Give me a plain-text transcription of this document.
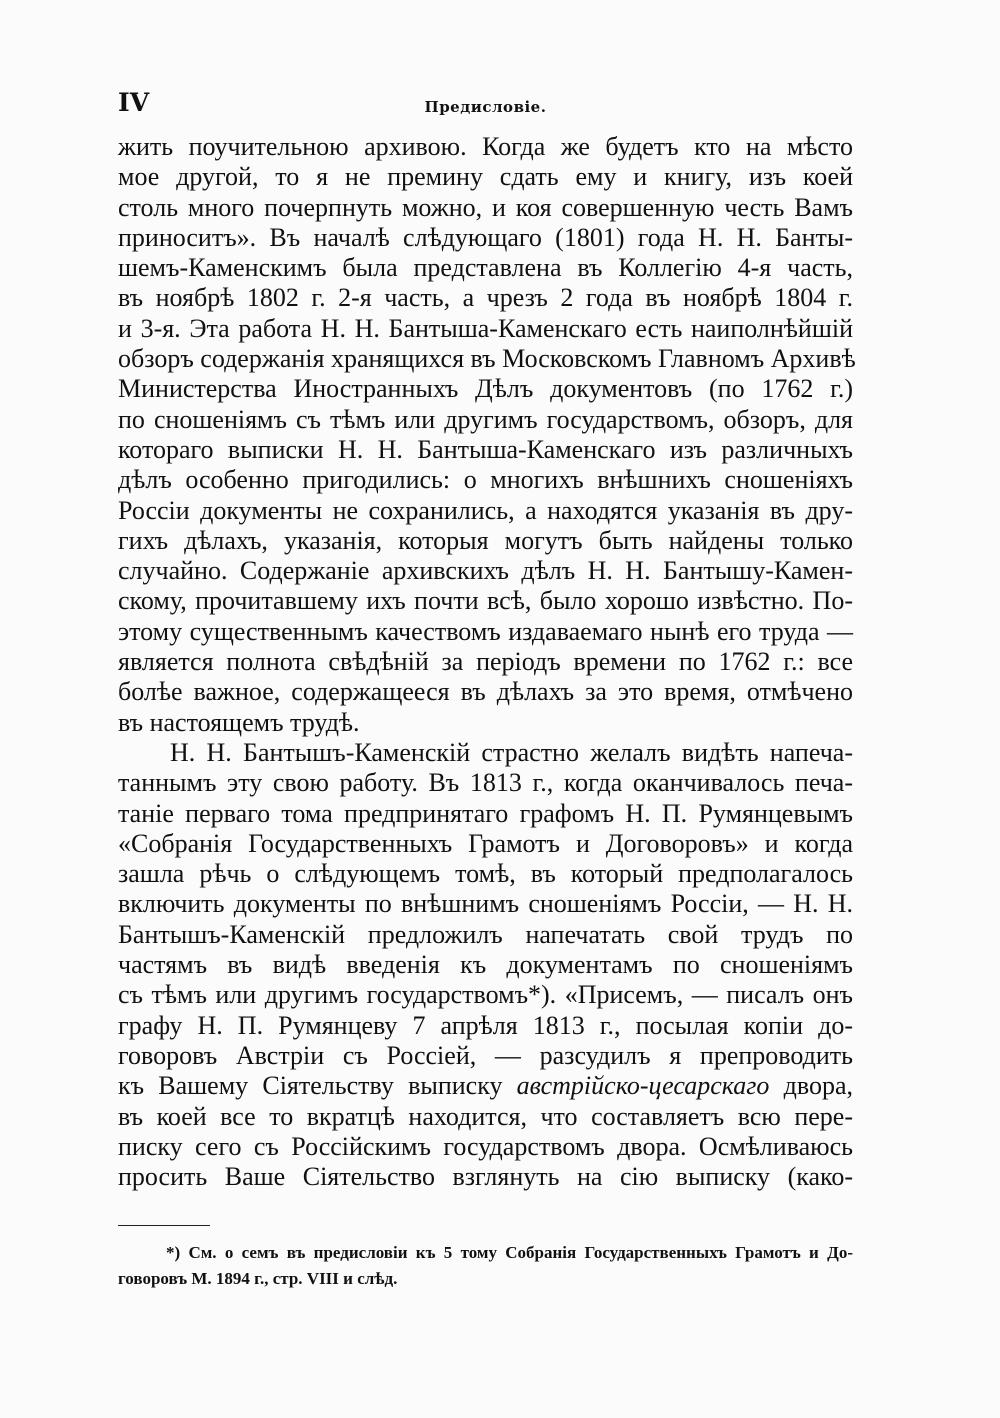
IV	Предисловіе.
жить поучительною архивою. Когда же будетъ кто на мѣсто
мое другой, то я не премину сдать ему и книгу, изъ коей
столь много почерпнуть можно, и коя совершенную честь Вамъ
приноситъ». Въ началѣ слѣдующаго (1801) года Н. Н. Банты-
шемъ-Каменскимъ была представлена въ Коллегію 4-я часть,
въ ноябрѣ 1802 г. 2-я часть, а чрезъ 2 года въ ноябрѣ 1804 г.
и 3-я. Эта работа Н. Н. Бантыша-Каменскаго есть наиполнѣйшій
обзоръ содержанія хранящихся въ Московскомъ Главномъ Архивѣ
Министерства Иностранныхъ Дѣлъ документовъ (по 1762 г.)
по сношеніямъ съ тѣмъ или другимъ государствомъ, обзоръ, для
котораго выписки Н. Н. Бантыша-Каменскаго изъ различныхъ
дѣлъ особенно пригодились: о многихъ внѣшнихъ сношеніяхъ
Россіи документы не сохранились, а находятся указанія въ дру-
гихъ дѣлахъ, указанія, которыя могутъ быть найдены только
случайно. Содержаніе архивскихъ дѣлъ Н. Н. Бантышу-Камен-
скому, прочитавшему ихъ почти всѣ, было хорошо извѣстно. По-
этому существеннымъ качествомъ издаваемаго нынѣ его труда —
является полнота свѣдѣній за періодъ времени по 1762 г.: все
болѣе важное, содержащееся въ дѣлахъ за это время, отмѣчено
въ настоящемъ трудѣ.
Н. Н. Бантышъ-Каменскій страстно желалъ видѣть напеча-
таннымъ эту свою работу. Въ 1813 г., когда оканчивалось печа-
таніе перваго тома предпринятаго графомъ Н. П. Румянцевымъ
«Собранія Государственныхъ Грамотъ и Договоровъ» и когда
зашла рѣчь о слѣдующемъ томѣ, въ который предполагалось
включить документы по внѣшнимъ сношеніямъ Россіи, — Н. Н.
Бантышъ-Каменскій предложилъ напечатать свой трудъ по
частямъ въ видѣ введенія къ документамъ по сношеніямъ
съ тѣмъ или другимъ государствомъ*). «Присемъ, — писалъ онъ
графу Н. П. Румянцеву 7 апрѣля 1813 г., посылая копіи до-
говоровъ Австріи съ Россіей, — разсудилъ я препроводить
къ Вашему Сіятельству выписку австрійско-цесарскаго двора,
въ коей все то вкратцѣ находится, что составляетъ всю пере-
писку сего съ Россійскимъ государствомъ двора. Осмѣливаюсь
просить Ваше Сіятельство взглянуть на сію выписку (како-
*) См. о семъ въ предисловіи къ 5 тому Собранія Государственныхъ Грамотъ и До-
говоровъ М. 1894 г., стр. VIII и слѣд.
